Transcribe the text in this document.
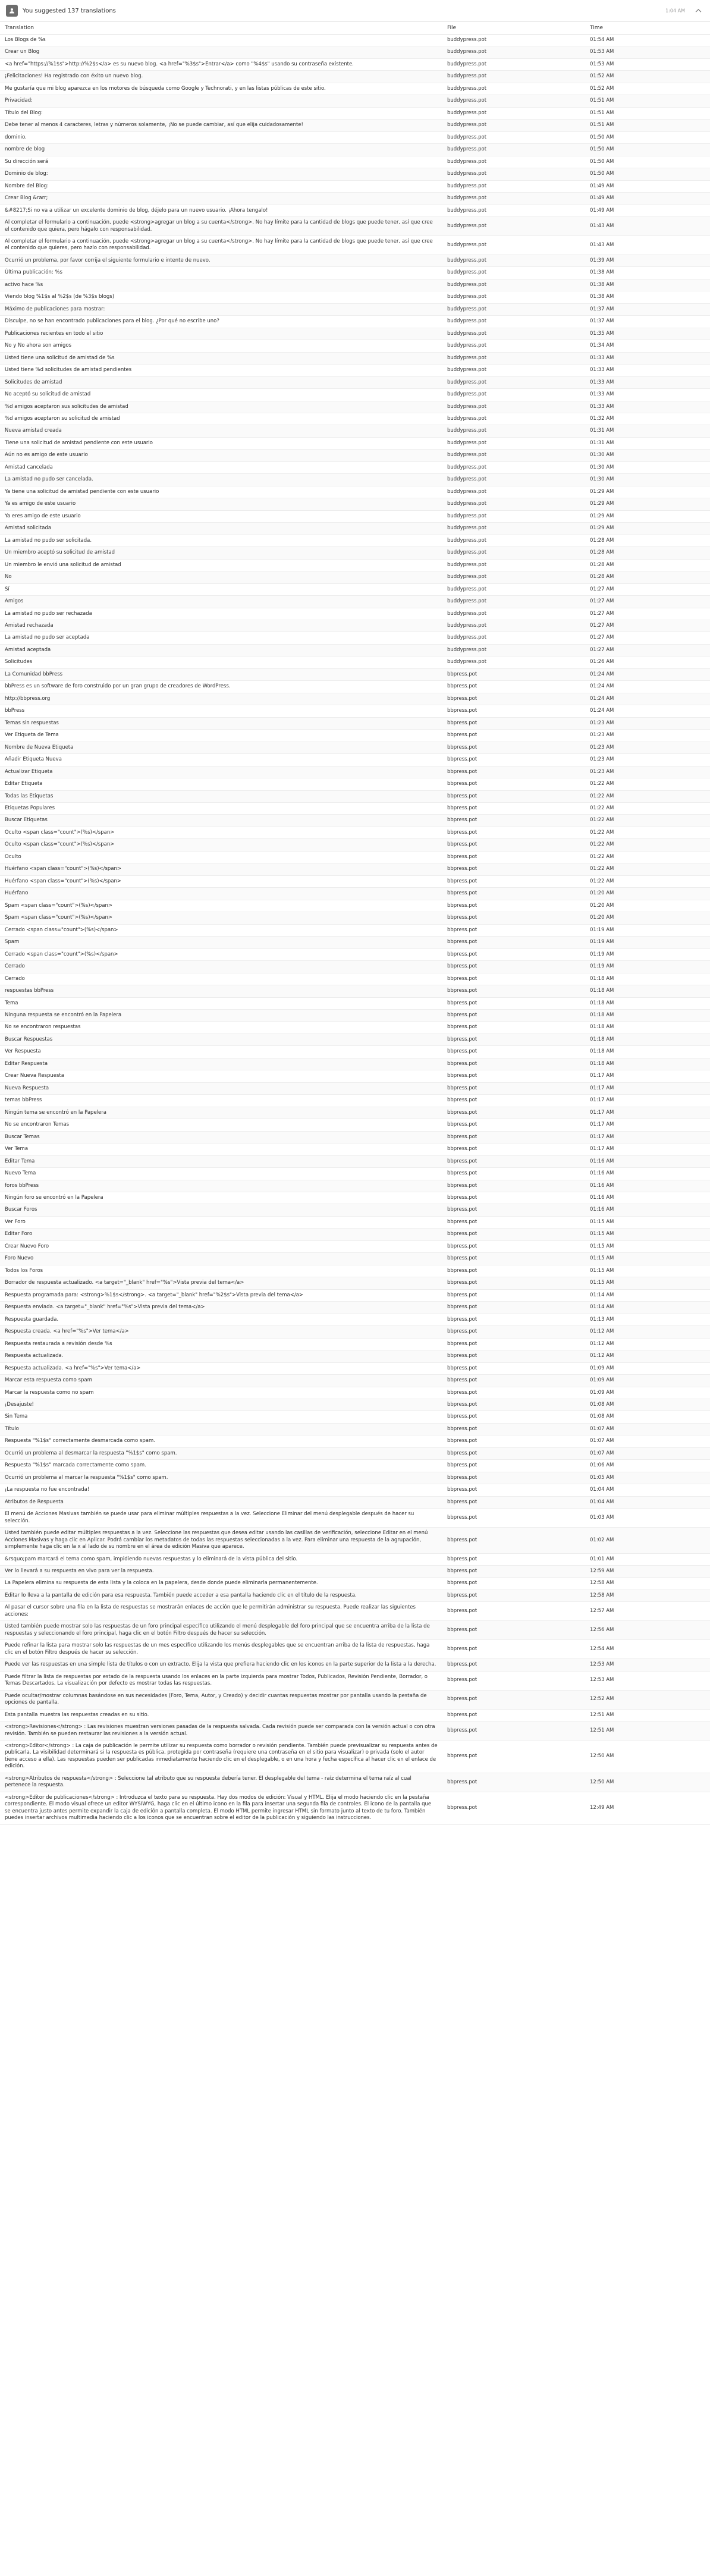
You suggested 137 translations	1:04 AM
Translation	File	Time
Los Blogs de %s	buddypress.pot	01:54 AM
Crear un Blog	buddypress.pot	01:53 AM
<a href="https://%1$s">http://%2$s</a> es su nuevo blog. <a href="%3$s">Entrar</a> como "%4$s" usando su contraseña existente.	buddypress.pot	01:53 AM
¡Felicitaciones! Ha registrado con éxito un nuevo blog.	buddypress.pot	01:52 AM
Me gustaría que mi blog aparezca en los motores de búsqueda como Google y Technorati, y en las listas públicas de este sitio.	buddypress.pot	01:52 AM
Privacidad:	buddypress.pot	01:51 AM
Título del Blog:	buddypress.pot	01:51 AM
Debe tener al menos 4 caracteres, letras y números solamente, ¡No se puede cambiar, así que elija cuidadosamente!	buddypress.pot	01:51 AM
dominio.	buddypress.pot	01:50 AM
nombre de blog	buddypress.pot	01:50 AM
Su dirección será	buddypress.pot	01:50 AM
Dominio de blog:	buddypress.pot	01:50 AM
Nombre del Blog:	buddypress.pot	01:49 AM
Crear Blog &rarr;	buddypress.pot	01:49 AM
&#8217;Si no va a utilizar un excelente dominio de blog, déjelo para un nuevo usuario. ¡Ahora tengalo!	buddypress.pot	01:49 AM
Al completar el formulario a continuación, puede <strong>agregar un blog a su cuenta</strong>. No hay límite para la cantidad de blogs que puede tener, así que cree el contenido que quiera, pero hágalo con responsabilidad.	buddypress.pot	01:43 AM
Al completar el formulario a continuación, puede <strong>agregar un blog a su cuenta</strong>. No hay límite para la cantidad de blogs que puede tener, así que cree el contenido que quieres, pero hazlo con responsabilidad.	buddypress.pot	01:43 AM
Ocurrió un problema, por favor corrija el siguiente formulario e intente de nuevo.	buddypress.pot	01:39 AM
Última publicación: %s	buddypress.pot	01:38 AM
activo hace %s	buddypress.pot	01:38 AM
Viendo blog %1$s al %2$s (de %3$s blogs)	buddypress.pot	01:38 AM
Máximo de publicaciones para mostrar:	buddypress.pot	01:37 AM
Disculpe, no se han encontrado publicaciones para el blog. ¿Por qué no escribe uno?	buddypress.pot	01:37 AM
Publicaciones recientes en todo el sitio	buddypress.pot	01:35 AM
No y No ahora son amigos	buddypress.pot	01:34 AM
Usted tiene una solicitud de amistad de %s	buddypress.pot	01:33 AM
Usted tiene %d solicitudes de amistad pendientes	buddypress.pot	01:33 AM
Solicitudes de amistad	buddypress.pot	01:33 AM
No aceptó su solicitud de amistad	buddypress.pot	01:33 AM
%d amigos aceptaron sus solicitudes de amistad	buddypress.pot	01:33 AM
%d amigos aceptaron su solicitud de amistad	buddypress.pot	01:32 AM
Nueva amistad creada	buddypress.pot	01:31 AM
Tiene una solicitud de amistad pendiente con este usuario	buddypress.pot	01:31 AM
Aún no es amigo de este usuario	buddypress.pot	01:30 AM
Amistad cancelada	buddypress.pot	01:30 AM
La amistad no pudo ser cancelada.	buddypress.pot	01:30 AM
Ya tiene una solicitud de amistad pendiente con este usuario	buddypress.pot	01:29 AM
Ya es amigo de este usuario	buddypress.pot	01:29 AM
Ya eres amigo de este usuario	buddypress.pot	01:29 AM
Amistad solicitada	buddypress.pot	01:29 AM
La amistad no pudo ser solicitada.	buddypress.pot	01:28 AM
Un miembro aceptó su solicitud de amistad	buddypress.pot	01:28 AM
Un miembro le envió una solicitud de amistad	buddypress.pot	01:28 AM
No	buddypress.pot	01:28 AM
Sí	buddypress.pot	01:27 AM
Amigos	buddypress.pot	01:27 AM
La amistad no pudo ser rechazada	buddypress.pot	01:27 AM
Amistad rechazada	buddypress.pot	01:27 AM
La amistad no pudo ser aceptada	buddypress.pot	01:27 AM
Amistad aceptada	buddypress.pot	01:27 AM
Solicitudes	buddypress.pot	01:26 AM
La Comunidad bbPress	bbpress.pot	01:24 AM
bbPress es un software de foro construido por un gran grupo de creadores de WordPress.	bbpress.pot	01:24 AM
http://bbpress.org	bbpress.pot	01:24 AM
bbPress	bbpress.pot	01:24 AM
Temas sin respuestas	bbpress.pot	01:23 AM
Ver Etiqueta de Tema	bbpress.pot	01:23 AM
Nombre de Nueva Etiqueta	bbpress.pot	01:23 AM
Añadir Etiqueta Nueva	bbpress.pot	01:23 AM
Actualizar Etiqueta	bbpress.pot	01:23 AM
Editar Etiqueta	bbpress.pot	01:22 AM
Todas las Etiquetas	bbpress.pot	01:22 AM
Etiquetas Populares	bbpress.pot	01:22 AM
Buscar Etiquetas	bbpress.pot	01:22 AM
Oculto <span class="count">(%s)</span>	bbpress.pot	01:22 AM
Oculto <span class="count">(%s)</span>	bbpress.pot	01:22 AM
Oculto	bbpress.pot	01:22 AM
Huérfano <span class="count">(%s)</span>	bbpress.pot	01:22 AM
Huérfano <span class="count">(%s)</span>	bbpress.pot	01:22 AM
Huérfano	bbpress.pot	01:20 AM
Spam <span class="count">(%s)</span>	bbpress.pot	01:20 AM
Spam <span class="count">(%s)</span>	bbpress.pot	01:20 AM
Cerrado <span class="count">(%s)</span>	bbpress.pot	01:19 AM
Spam	bbpress.pot	01:19 AM
Cerrado <span class="count">(%s)</span>	bbpress.pot	01:19 AM
Cerrado	bbpress.pot	01:19 AM
Cerrado	bbpress.pot	01:18 AM
respuestas bbPress	bbpress.pot	01:18 AM
Tema	bbpress.pot	01:18 AM
Ninguna respuesta se encontró en la Papelera	bbpress.pot	01:18 AM
No se encontraron respuestas	bbpress.pot	01:18 AM
Buscar Respuestas	bbpress.pot	01:18 AM
Ver Respuesta	bbpress.pot	01:18 AM
Editar Respuesta	bbpress.pot	01:18 AM
Crear Nueva Respuesta	bbpress.pot	01:17 AM
Nueva Respuesta	bbpress.pot	01:17 AM
temas bbPress	bbpress.pot	01:17 AM
Ningún tema se encontró en la Papelera	bbpress.pot	01:17 AM
No se encontraron Temas	bbpress.pot	01:17 AM
Buscar Temas	bbpress.pot	01:17 AM
Ver Tema	bbpress.pot	01:17 AM
Editar Tema	bbpress.pot	01:16 AM
Nuevo Tema	bbpress.pot	01:16 AM
foros bbPress	bbpress.pot	01:16 AM
Ningún foro se encontró en la Papelera	bbpress.pot	01:16 AM
Buscar Foros	bbpress.pot	01:16 AM
Ver Foro	bbpress.pot	01:15 AM
Editar Foro	bbpress.pot	01:15 AM
Crear Nuevo Foro	bbpress.pot	01:15 AM
Foro Nuevo	bbpress.pot	01:15 AM
Todos los Foros	bbpress.pot	01:15 AM
Borrador de respuesta actualizado. <a target="_blank" href="%s">Vista previa del tema</a>	bbpress.pot	01:15 AM
Respuesta programada para: <strong>%1$s</strong>. <a target="_blank" href="%2$s">Vista previa del tema</a>	bbpress.pot	01:14 AM
Respuesta enviada. <a target="_blank" href="%s">Vista previa del tema</a>	bbpress.pot	01:14 AM
Respuesta guardada.	bbpress.pot	01:13 AM
Respuesta creada. <a href="%s">Ver tema</a>	bbpress.pot	01:12 AM
Respuesta restaurada a revisión desde %s	bbpress.pot	01:12 AM
Respuesta actualizada.	bbpress.pot	01:12 AM
Respuesta actualizada. <a href="%s">Ver tema</a>	bbpress.pot	01:09 AM
Marcar esta respuesta como spam	bbpress.pot	01:09 AM
Marcar la respuesta como no spam	bbpress.pot	01:09 AM
¡Desajuste!	bbpress.pot	01:08 AM
Sin Tema	bbpress.pot	01:08 AM
Título	bbpress.pot	01:07 AM
Respuesta "%1$s" correctamente desmarcada como spam.	bbpress.pot	01:07 AM
Ocurrió un problema al desmarcar la respuesta "%1$s" como spam.	bbpress.pot	01:07 AM
Respuesta "%1$s" marcada correctamente como spam.	bbpress.pot	01:06 AM
Ocurrió un problema al marcar la respuesta "%1$s" como spam.	bbpress.pot	01:05 AM
¡La respuesta no fue encontrada!	bbpress.pot	01:04 AM
Atributos de Respuesta	bbpress.pot	01:04 AM
El menú de Acciones Masivas también se puede usar para eliminar múltiples respuestas a la vez. Seleccione Eliminar del menú desplegable después de hacer su selección.	bbpress.pot	01:03 AM
Usted también puede editar múltiples respuestas a la vez. Seleccione las respuestas que desea editar usando las casillas de verificación, seleccione Editar en el menú Acciones Masivas y haga clic en Aplicar. Podrá cambiar los metadatos de todas las respuestas seleccionadas a la vez. Para eliminar una respuesta de la agrupación, simplemente haga clic en la x al lado de su nombre en el área de edición Masiva que aparece.	bbpress.pot	01:02 AM
&rsquo;pam marcará el tema como spam, impidiendo nuevas respuestas y lo eliminará de la vista pública del sitio.	bbpress.pot	01:01 AM
Ver lo llevará a su respuesta en vivo para ver la respuesta.	bbpress.pot	12:59 AM
La Papelera elimina su respuesta de esta lista y la coloca en la papelera, desde donde puede eliminarla permanentemente.	bbpress.pot	12:58 AM
Editar lo lleva a la pantalla de edición para esa respuesta. También puede acceder a esa pantalla haciendo clic en el título de la respuesta.	bbpress.pot	12:58 AM
Al pasar el cursor sobre una fila en la lista de respuestas se mostrarán enlaces de acción que le permitirán administrar su respuesta. Puede realizar las siguientes acciones:	bbpress.pot	12:57 AM
Usted también puede mostrar solo las respuestas de un foro principal específico utilizando el menú desplegable del foro principal que se encuentra arriba de la lista de respuestas y seleccionando el foro principal, haga clic en el botón Filtro después de hacer su selección.	bbpress.pot	12:56 AM
Puede refinar la lista para mostrar solo las respuestas de un mes específico utilizando los menús desplegables que se encuentran arriba de la lista de respuestas, haga clic en el botón Filtro después de hacer su selección.	bbpress.pot	12:54 AM
Puede ver las respuestas en una simple lista de títulos o con un extracto. Elija la vista que prefiera haciendo clic en los iconos en la parte superior de la lista a la derecha.	bbpress.pot	12:53 AM
Puede filtrar la lista de respuestas por estado de la respuesta usando los enlaces en la parte izquierda para mostrar Todos, Publicados, Revisión Pendiente, Borrador, o Temas Descartados. La visualización por defecto es mostrar todas las respuestas.	bbpress.pot	12:53 AM
Puede ocultar/mostrar columnas basándose en sus necesidades (Foro, Tema, Autor, y Creado) y decidir cuantas respuestas mostrar por pantalla usando la pestaña de opciones de pantalla.	bbpress.pot	12:52 AM
Esta pantalla muestra las respuestas creadas en su sitio.	bbpress.pot	12:51 AM
<strong>Revisiones</strong> : Las revisiones muestran versiones pasadas de la respuesta salvada. Cada revisión puede ser comparada con la versión actual o con otra revisión. También se pueden restaurar las revisiones a la versión actual.	bbpress.pot	12:51 AM
<strong>Editor</strong> : La caja de publicación le permite utilizar su respuesta como borrador o revisión pendiente. También puede previsualizar su respuesta antes de publicarla. La visibilidad determinará si la respuesta es pública, protegida por contraseña (requiere una contraseña en el sitio para visualizar) o privada (solo el autor tiene acceso a ella). Las respuestas pueden ser publicadas inmediatamente haciendo clic en el desplegable, o en una hora y fecha específica al hacer clic en el enlace de edición.	bbpress.pot	12:50 AM
<strong>Atributos de respuesta</strong> : Seleccione tal atributo que su respuesta debería tener. El desplegable del tema - raíz determina el tema raíz al cual pertenece la respuesta.	bbpress.pot	12:50 AM
<strong>Editor de publicaciones</strong> : Introduzca el texto para su respuesta. Hay dos modos de edición: Visual y HTML. Elija el modo haciendo clic en la pestaña correspondiente. El modo visual ofrece un editor WYSIWYG, haga clic en el último icono en la fila para insertar una segunda fila de controles. El icono de la pantalla que se encuentra justo antes permite expandir la caja de edición a pantalla completa. El modo HTML permite ingresar HTML sin formato junto al texto de tu foro. También puedes insertar archivos multimedia haciendo clic a los iconos que se encuentran sobre el editor de la publicación y siguiendo las instrucciones.	bbpress.pot	12:49 AM
